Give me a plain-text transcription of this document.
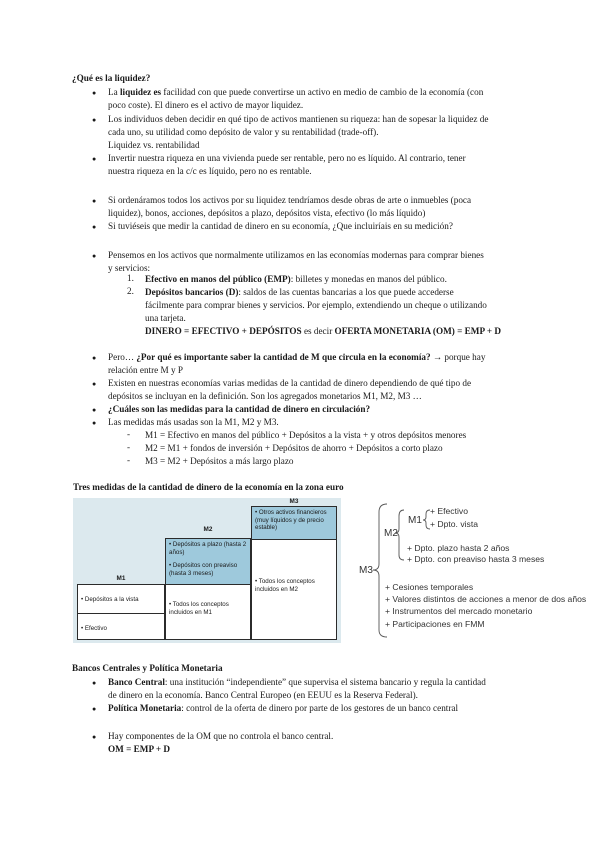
¿Qué es la liquidez?
● La liquidez es facilidad con que puede convertirse un activo en medio de cambio de la economía (con
poco coste). El dinero es el activo de mayor liquidez.
● Los individuos deben decidir en qué tipo de activos mantienen su riqueza: han de sopesar la liquidez de
cada uno, su utilidad como depósito de valor y su rentabilidad (trade-off).
Liquidez vs. rentabilidad
● Invertir nuestra riqueza en una vivienda puede ser rentable, pero no es líquido. Al contrario, tener
nuestra riqueza en la c/c es líquido, pero no es rentable.
● Si ordenáramos todos los activos por su liquidez tendríamos desde obras de arte o inmuebles (poca
liquidez), bonos, acciones, depósitos a plazo, depósitos vista, efectivo (lo más líquido)
● Si tuviéseis que medir la cantidad de dinero en su economía, ¿Que incluiríais en su medición?
● Pensemos en los activos que normalmente utilizamos en las economías modernas para comprar bienes
y servicios:
1. Efectivo en manos del público (EMP): billetes y monedas en manos del público.
2. Depósitos bancarios (D): saldos de las cuentas bancarias a los que puede accederse
fácilmente para comprar bienes y servicios. Por ejemplo, extendiendo un cheque o utilizando
una tarjeta.
DINERO = EFECTIVO + DEPÓSITOS es decir OFERTA MONETARIA (OM) = EMP + D
● Pero… ¿Por qué es importante saber la cantidad de M que circula en la economía? → porque hay
relación entre M y P
● Existen en nuestras economías varias medidas de la cantidad de dinero dependiendo de qué tipo de
depósitos se incluyan en la definición. Son los agregados monetarios M1, M2, M3 …
● ¿Cuáles son las medidas para la cantidad de dinero en circulación?
● Las medidas más usadas son la M1, M2 y M3.
- M1 = Efectivo en manos del público + Depósitos a la vista + y otros depósitos menores
- M2 = M1 + fondos de inversión + Depósitos de ahorro + Depósitos a corto plazo
- M3 = M2 + Depósitos a más largo plazo
Tres medidas de la cantidad de dinero de la economía en la zona euro
M1
• Depósitos a la vista
• Efectivo
M2
• Depósitos a plazo (hasta 2 años)
• Depósitos con preaviso (hasta 3 meses)
• Todos los conceptos incluidos en M1
M3
• Otros activos financieros (muy líquidos y de precio estable)
• Todos los conceptos incluidos en M2
M3
M2
M1
+ Efectivo
+ Dpto. vista
+ Dpto. plazo hasta 2 años
+ Dpto. con preaviso hasta 3 meses
+ Cesiones temporales
+ Valores distintos de acciones a menor de dos años
+ Instrumentos del mercado monetario
+ Participaciones en FMM
Bancos Centrales y Política Monetaria
● Banco Central: una institución “independiente” que supervisa el sistema bancario y regula la cantidad
de dinero en la economía. Banco Central Europeo (en EEUU es la Reserva Federal).
● Política Monetaria: control de la oferta de dinero por parte de los gestores de un banco central
● Hay componentes de la OM que no controla el banco central.
OM = EMP + D
